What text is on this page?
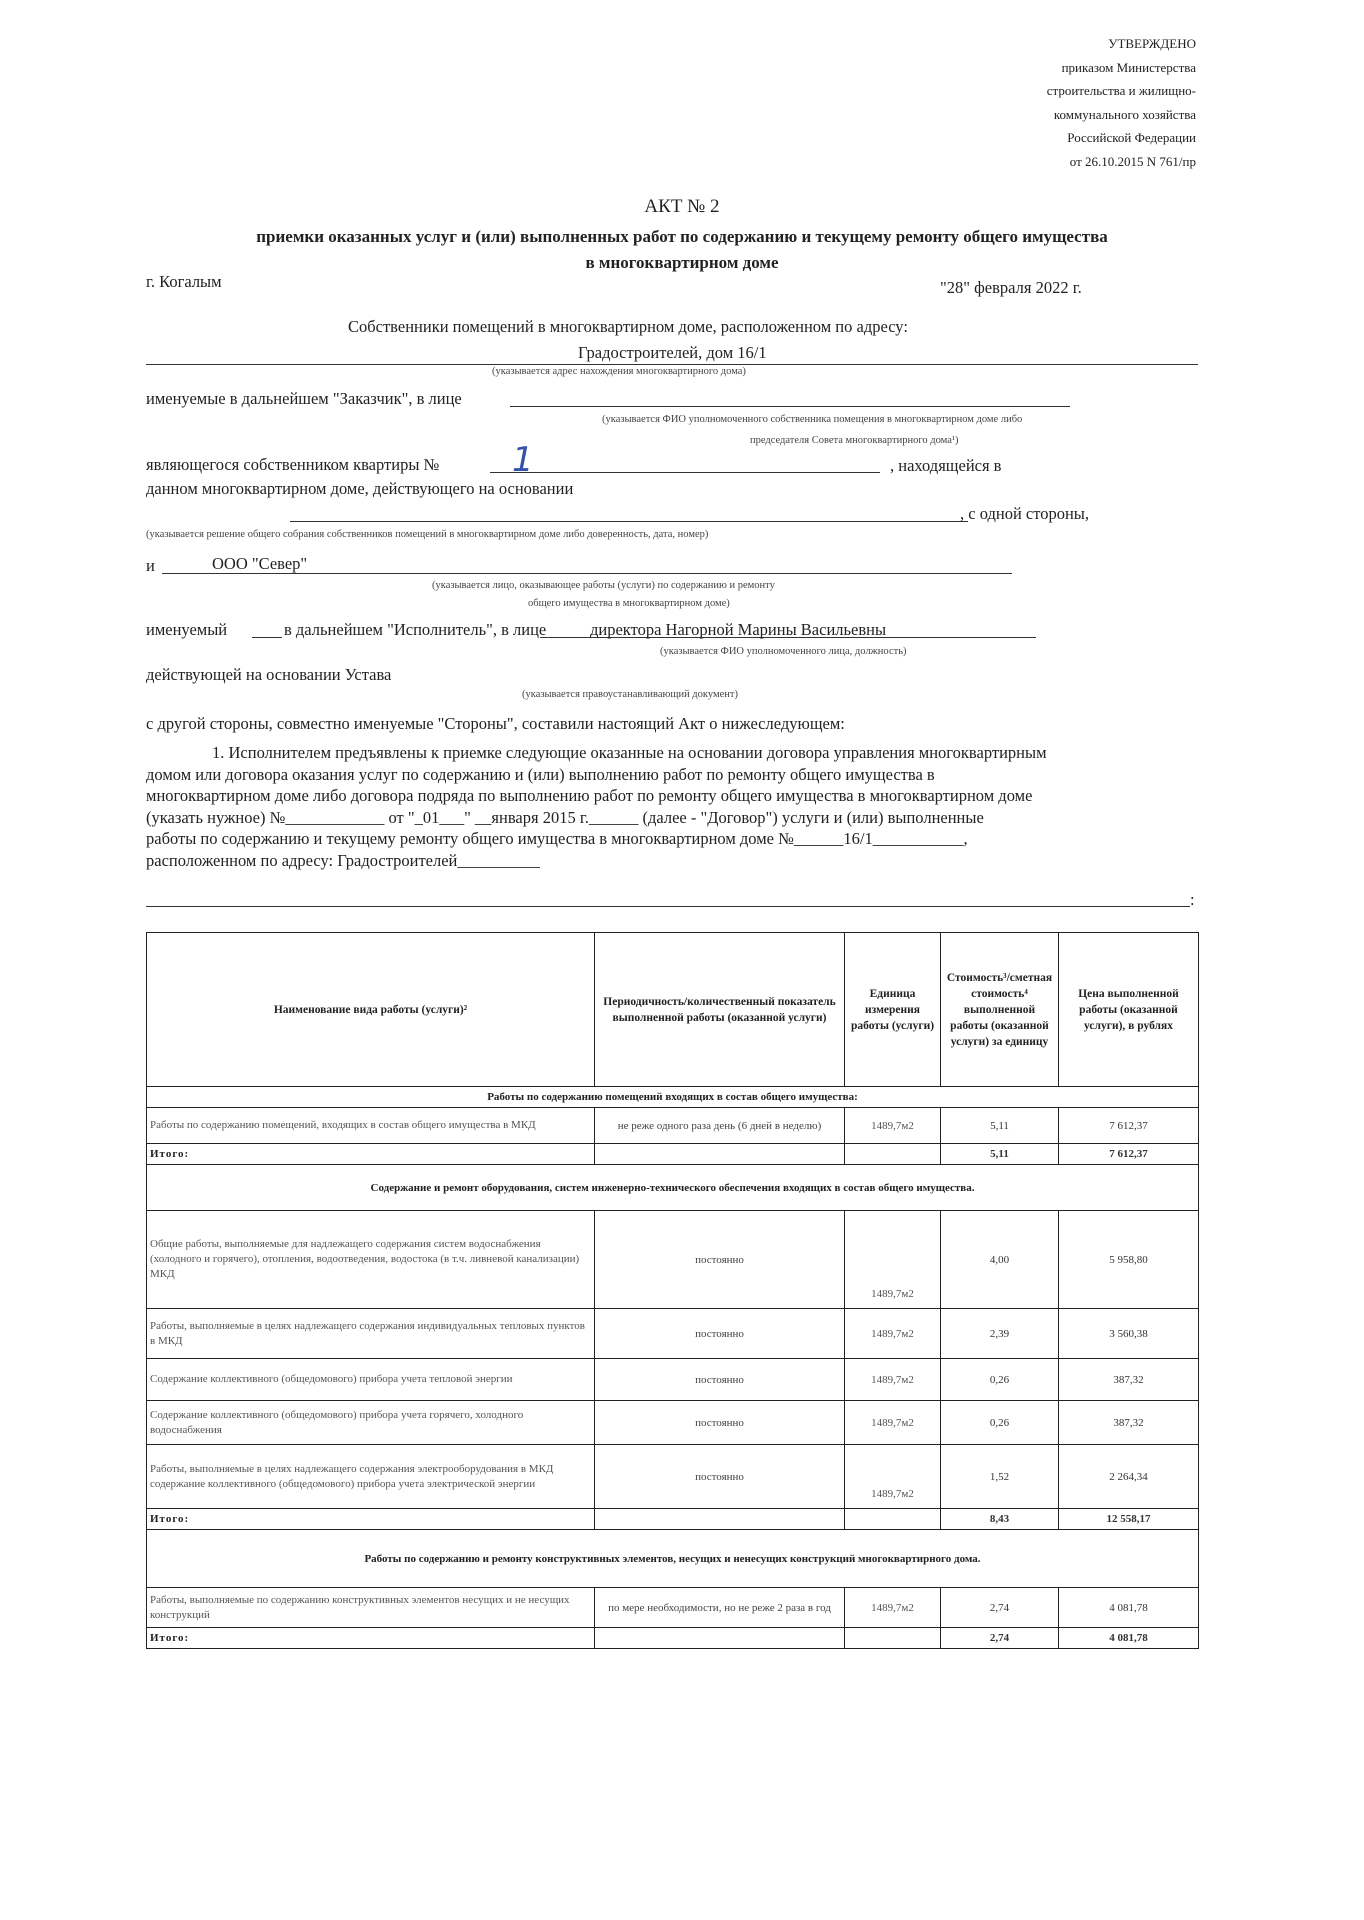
УТВЕРЖДЕНО
приказом Министерства
строительства и жилищно-
коммунального хозяйства
Российской Федерации
от 26.10.2015 N 761/пр
АКТ № 2
приемки оказанных услуг и (или) выполненных работ по содержанию и текущему ремонту общего имущества
в многоквартирном доме
г. Когалым	"28" февраля 2022 г.
Собственники помещений в многоквартирном доме, расположенном по адресу:
Градостроителей, дом 16/1
(указывается адрес нахождения многоквартирного дома)
именуемые в дальнейшем "Заказчик", в лице
(указывается ФИО уполномоченного собственника помещения в многоквартирном доме либо
председателя Совета многоквартирного дома¹)
являющегося собственником квартиры № 1	, находящейся в
данном многоквартирном доме, действующего на основании
, с одной стороны,
(указывается решение общего собрания собственников помещений в многоквартирном доме либо доверенность, дата, номер)
и	ООО "Север"
(указывается лицо, оказывающее работы (услуги) по содержанию и ремонту
общего имущества в многоквартирном доме)
именуемый	в дальнейшем "Исполнитель", в лице	директора Нагорной Марины Васильевны
(указывается ФИО уполномоченного лица, должность)
действующей на основании Устава
(указывается правоустанавливающий документ)
с другой стороны, совместно именуемые "Стороны", составили настоящий Акт о нижеследующем:
1. Исполнителем предъявлены к приемке следующие оказанные на основании договора управления многоквартирным
домом или договора оказания услуг по содержанию и (или) выполнению работ по ремонту общего имущества в
многоквартирном доме либо договора подряда по выполнению работ по ремонту общего имущества в многоквартирном доме
(указать нужное) №____________ от "_01___" __января 2015 г.______ (далее - "Договор") услуги и (или) выполненные
работы по содержанию и текущему ремонту общего имущества в многоквартирном доме №______16/1___________,
расположенном по адресу: Градостроителей__________
:
Наименование вида работы (услуги)²	Периодичность/количественный показатель выполненной работы (оказанной услуги)	Единица измерения работы (услуги)	Стоимость³/сметная стоимость⁴ выполненной работы (оказанной услуги) за единицу	Цена выполненной работы (оказанной услуги), в рублях
Работы по содержанию помещений входящих в состав общего имущества:				
Работы по содержанию помещений, входящих в состав общего имущества в МКД	не реже одного раза день (6 дней в неделю)	1489,7м2	5,11	7 612,37
Итого:			5,11	7 612,37
Содержание и ремонт оборудования, систем инженерно-технического обеспечения входящих в состав общего имущества.				
Общие работы, выполняемые для надлежащего содержания систем водоснабжения (холодного и горячего), отопления, водоотведения, водостока (в т.ч. ливневой канализации) МКД	постоянно	1489,7м2	4,00	5 958,80
Работы, выполняемые в целях надлежащего содержания индивидуальных тепловых пунктов в МКД	постоянно	1489,7м2	2,39	3 560,38
Содержание коллективного (общедомового) прибора учета тепловой энергии	постоянно	1489,7м2	0,26	387,32
Содержание коллективного (общедомового) прибора учета горячего, холодного водоснабжения	постоянно	1489,7м2	0,26	387,32
Работы, выполняемые в целях надлежащего содержания электрооборудования в МКД содержание коллективного (общедомового) прибора учета электрической энергии	постоянно	1489,7м2	1,52	2 264,34
Итого:			8,43	12 558,17
Работы по содержанию и ремонту конструктивных элементов, несущих и ненесущих конструкций многоквартирного дома.				
Работы, выполняемые по содержанию конструктивных элементов несущих и не несущих конструкций	по мере необходимости, но не реже 2 раза в год	1489,7м2	2,74	4 081,78
Итого:			2,74	4 081,78
